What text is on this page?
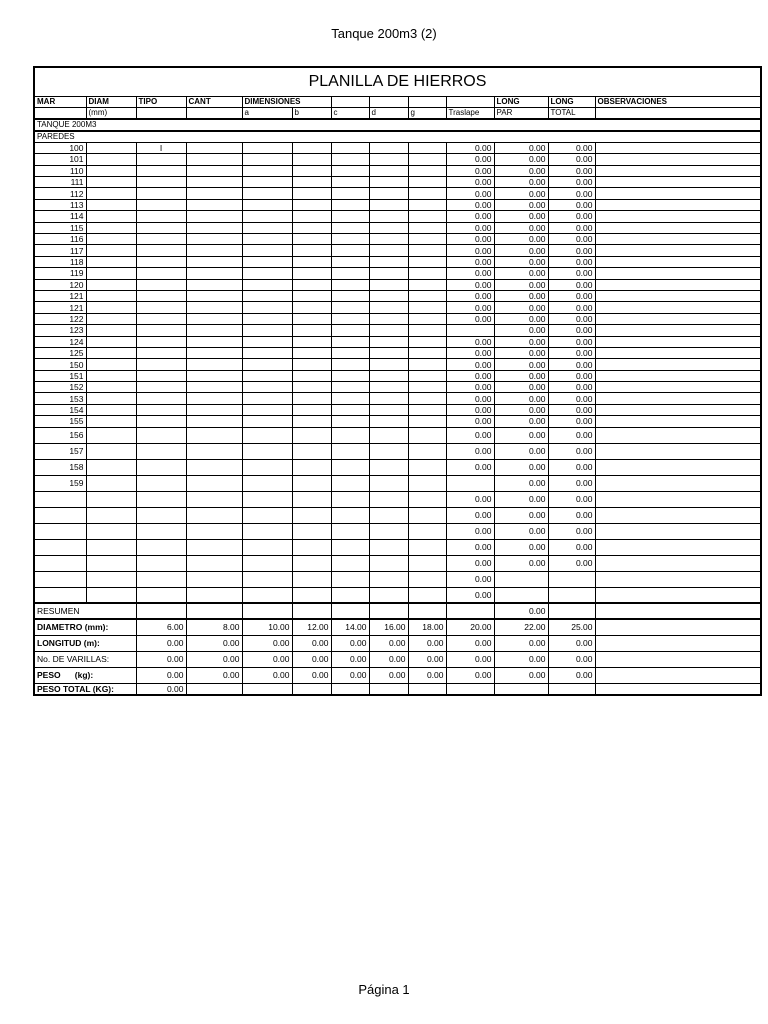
Tanque 200m3 (2)
PLANILLA DE HIERROS												
MAR	DIAM	TIPO	CANT	DIMENSIONES						LONG	LONG	OBSERVACIONES
	(mm)			a	b	c	d	g	Traslape	PAR	TOTAL	
TANQUE 200M3												
PAREDES												
100		I							0.00	0.00	0.00	
101									0.00	0.00	0.00	
110									0.00	0.00	0.00	
111									0.00	0.00	0.00	
112									0.00	0.00	0.00	
113									0.00	0.00	0.00	
114									0.00	0.00	0.00	
115									0.00	0.00	0.00	
116									0.00	0.00	0.00	
117									0.00	0.00	0.00	
118									0.00	0.00	0.00	
119									0.00	0.00	0.00	
120									0.00	0.00	0.00	
121									0.00	0.00	0.00	
121									0.00	0.00	0.00	
122									0.00	0.00	0.00	
123										0.00	0.00	
124									0.00	0.00	0.00	
125									0.00	0.00	0.00	
150									0.00	0.00	0.00	
151									0.00	0.00	0.00	
152									0.00	0.00	0.00	
153									0.00	0.00	0.00	
154									0.00	0.00	0.00	
155									0.00	0.00	0.00	
156									0.00	0.00	0.00	
157									0.00	0.00	0.00	
158									0.00	0.00	0.00	
159										0.00	0.00	
									0.00	0.00	0.00	
									0.00	0.00	0.00	
									0.00	0.00	0.00	
									0.00	0.00	0.00	
									0.00	0.00	0.00	
									0.00			
									0.00			
RESUMEN										0.00		
DIAMETRO (mm):		6.00	8.00	10.00	12.00	14.00	16.00	18.00	20.00	22.00	25.00	
LONGITUD (m):		0.00	0.00	0.00	0.00	0.00	0.00	0.00	0.00	0.00	0.00	
No. DE VARILLAS:		0.00	0.00	0.00	0.00	0.00	0.00	0.00	0.00	0.00	0.00	
PESO      (kg):		0.00	0.00	0.00	0.00	0.00	0.00	0.00	0.00	0.00	0.00	
PESO TOTAL (KG):		0.00										
Página 1
